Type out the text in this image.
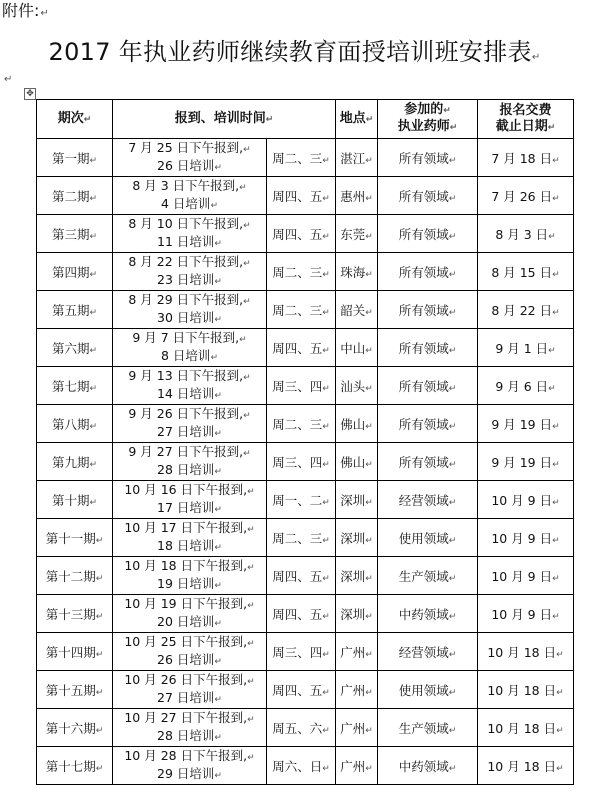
附件:↵
2017 年执业药师继续教育面授培训班安排表↵
↵
✥
期次↵	报到、培训时间↵		地点↵	参加的↵
执业药师↵	报名交费
截止日期↵
第一期↵	7 月 25 日下午报到,↵
26 日培训↵	周二、三↵	湛江↵	所有领域↵	7 月 18 日↵
第二期↵	8 月 3 日下午报到,↵
4 日培训↵	周四、五↵	惠州↵	所有领域↵	7 月 26 日↵
第三期↵	8 月 10 日下午报到,↵
11 日培训↵	周四、五↵	东莞↵	所有领域↵	8 月 3 日↵
第四期↵	8 月 22 日下午报到,↵
23 日培训↵	周二、三↵	珠海↵	所有领域↵	8 月 15 日↵
第五期↵	8 月 29 日下午报到,↵
30 日培训↵	周二、三↵	韶关↵	所有领域↵	8 月 22 日↵
第六期↵	9 月 7 日下午报到,↵
8 日培训↵	周四、五↵	中山↵	所有领域↵	9 月 1 日↵
第七期↵	9 月 13 日下午报到,↵
14 日培训↵	周三、四↵	汕头↵	所有领域↵	9 月 6 日↵
第八期↵	9 月 26 日下午报到,↵
27 日培训↵	周二、三↵	佛山↵	所有领域↵	9 月 19 日↵
第九期↵	9 月 27 日下午报到,↵
28 日培训↵	周三、四↵	佛山↵	所有领域↵	9 月 19 日↵
第十期↵	10 月 16 日下午报到,↵
17 日培训↵	周一、二↵	深圳↵	经营领域↵	10 月 9 日↵
第十一期↵	10 月 17 日下午报到,↵
18 日培训↵	周二、三↵	深圳↵	使用领域↵	10 月 9 日↵
第十二期↵	10 月 18 日下午报到,↵
19 日培训↵	周四、五↵	深圳↵	生产领域↵	10 月 9 日↵
第十三期↵	10 月 19 日下午报到,↵
20 日培训↵	周四、五↵	深圳↵	中药领域↵	10 月 9 日↵
第十四期↵	10 月 25 日下午报到,↵
26 日培训↵	周三、四↵	广州↵	经营领域↵	10 月 18 日↵
第十五期↵	10 月 26 日下午报到,↵
27 日培训↵	周四、五↵	广州↵	使用领域↵	10 月 18 日↵
第十六期↵	10 月 27 日下午报到,↵
28 日培训↵	周五、六↵	广州↵	生产领域↵	10 月 18 日↵
第十七期↵	10 月 28 日下午报到,↵
29 日培训↵	周六、日↵	广州↵	中药领域↵	10 月 18 日↵
